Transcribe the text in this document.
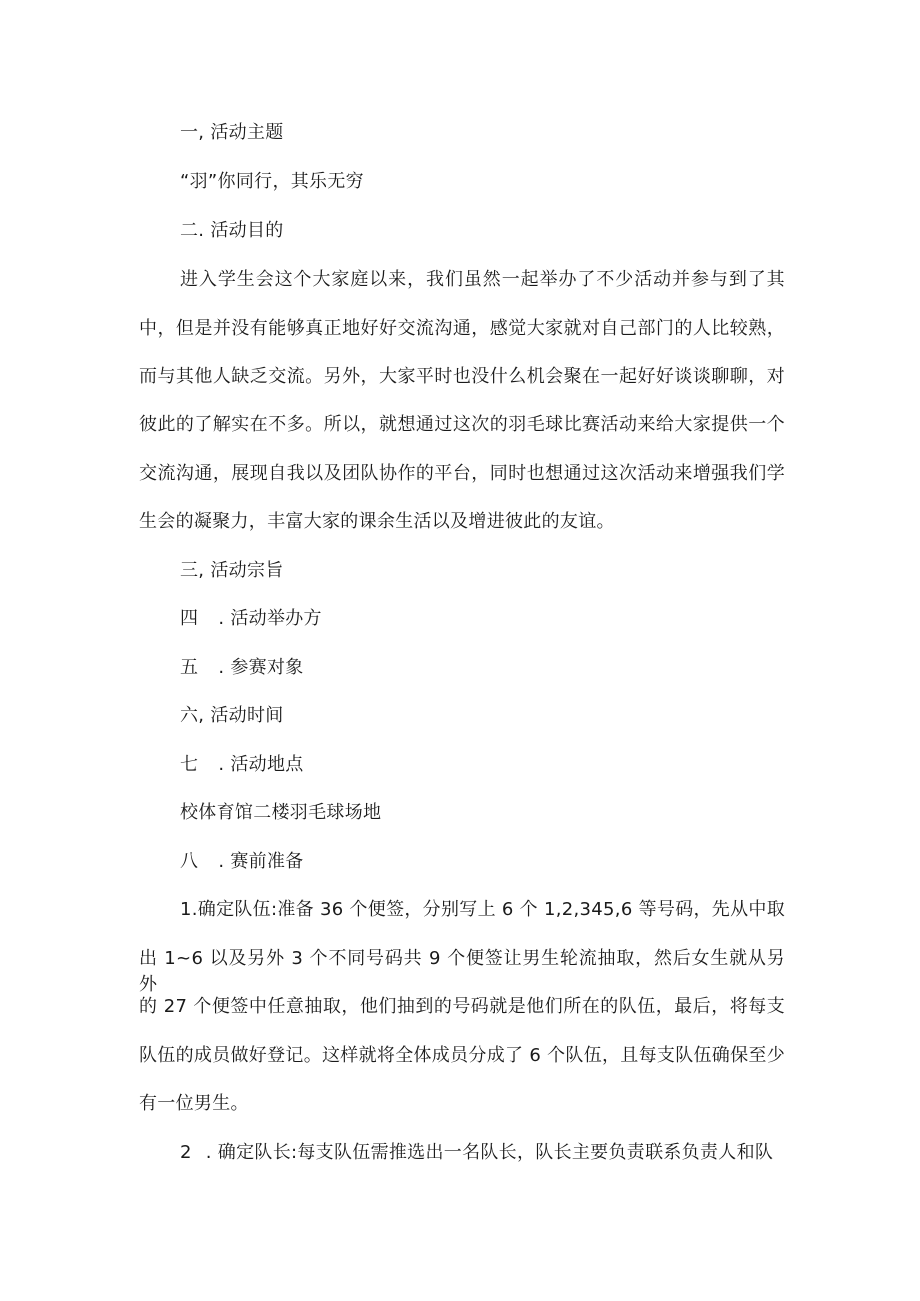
一, 活动主题

“羽”你同行，其乐无穷

二. 活动目的

进入学生会这个大家庭以来，我们虽然一起举办了不少活动并参与到了其

中，但是并没有能够真正地好好交流沟通，感觉大家就对自己部门的人比较熟，

而与其他人缺乏交流。另外，大家平时也没什么机会聚在一起好好谈谈聊聊，对

彼此的了解实在不多。所以，就想通过这次的羽毛球比赛活动来给大家提供一个

交流沟通，展现自我以及团队协作的平台，同时也想通过这次活动来增强我们学

生会的凝聚力，丰富大家的课余生活以及增进彼此的友谊。

三, 活动宗旨

四 . 活动举办方

五 . 参赛对象

六, 活动时间

七 . 活动地点

校体育馆二楼羽毛球场地

八 . 赛前准备

1.确定队伍:准备 36 个便签，分别写上 6 个 1,2,345,6 等号码，先从中取

出 1~6 以及另外 3 个不同号码共 9 个便签让男生轮流抽取，然后女生就从另外

的 27 个便签中任意抽取，他们抽到的号码就是他们所在的队伍，最后，将每支

队伍的成员做好登记。这样就将全体成员分成了 6 个队伍，且每支队伍确保至少

有一位男生。

2 . 确定队长:每支队伍需推选出一名队长，队长主要负责联系负责人和队
